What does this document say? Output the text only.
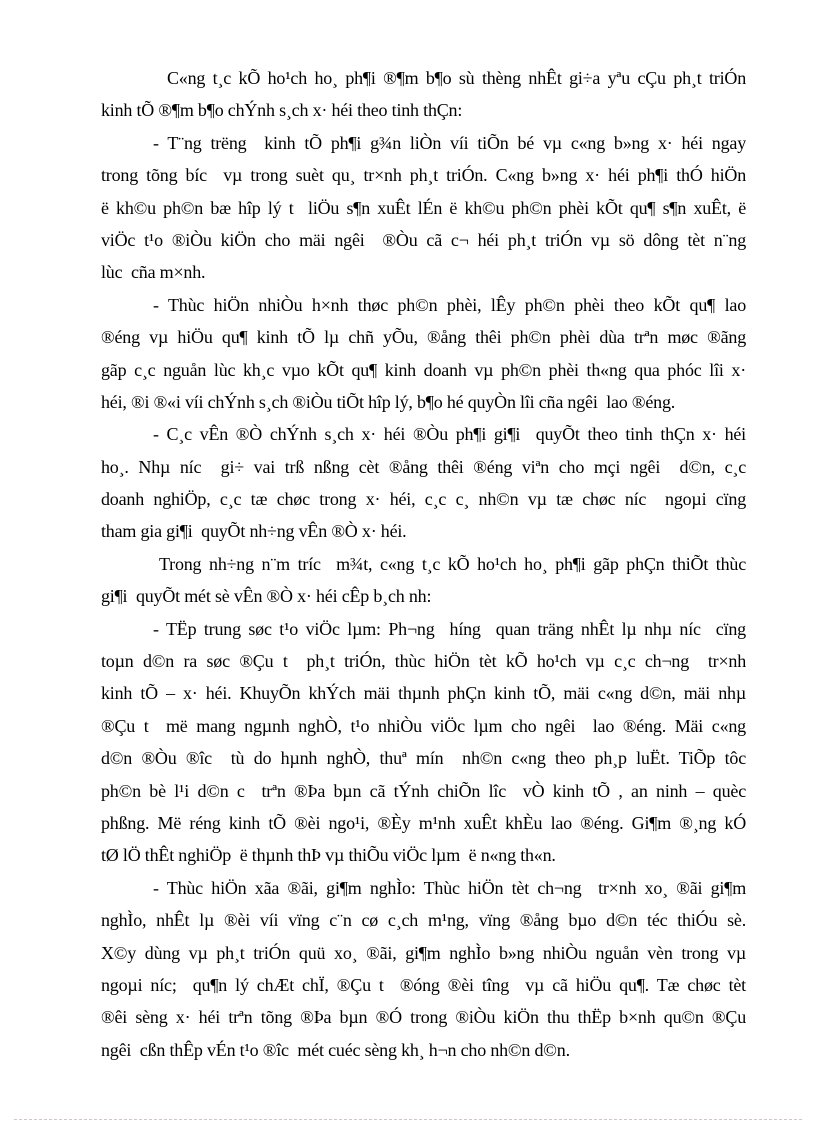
C«ng t¸c kÕ ho¹ch ho¸ ph¶i ®¶m b¶o sù thèng nhÊt gi÷a yªu cÇu ph¸t triÓn
kinh tÕ ®¶m b¶o chÝnh s¸ch x· héi theo tinh thÇn:
- T¨ng trëng  kinh tÕ ph¶i g¾n liÒn víi tiÕn bé vµ c«ng b»ng x· héi ngay
trong tõng bíc  vµ trong suèt qu¸ tr×nh ph¸t triÓn. C«ng b»ng x· héi ph¶i thÓ hiÖn
ë kh©u ph©n bæ hîp lý t  liÖu s¶n xuÊt lÉn ë kh©u ph©n phèi kÕt qu¶ s¶n xuÊt, ë
viÖc t¹o ®iÒu kiÖn cho mäi ngêi  ®Òu cã c¬ héi ph¸t triÓn vµ sö dông tèt n¨ng
lùc  cña m×nh.
- Thùc hiÖn nhiÒu h×nh thøc ph©n phèi, lÊy ph©n phèi theo kÕt qu¶ lao
®éng vµ hiÖu qu¶ kinh tÕ lµ chñ yÕu, ®ång thêi ph©n phèi dùa trªn møc ®ãng
gãp c¸c nguån lùc kh¸c vµo kÕt qu¶ kinh doanh vµ ph©n phèi th«ng qua phóc lîi x·
héi, ®i ®«i víi chÝnh s¸ch ®iÒu tiÕt hîp lý, b¶o hé quyÒn lîi cña ngêi  lao ®éng.
- C¸c vÊn ®Ò chÝnh s¸ch x· héi ®Òu ph¶i gi¶i  quyÕt theo tinh thÇn x· héi
ho¸. Nhµ níc  gi÷ vai trß nßng cèt ®ång thêi ®éng viªn cho mçi ngêi  d©n, c¸c
doanh nghiÖp, c¸c tæ chøc trong x· héi, c¸c c¸ nh©n vµ tæ chøc níc  ngoµi cïng
tham gia gi¶i  quyÕt nh÷ng vÊn ®Ò x· héi.
Trong nh÷ng n¨m tríc  m¾t, c«ng t¸c kÕ ho¹ch ho¸ ph¶i gãp phÇn thiÕt thùc
gi¶i  quyÕt mét sè vÊn ®Ò x· héi cÊp b¸ch nh:
- TËp trung søc t¹o viÖc lµm: Ph¬ng  híng  quan träng nhÊt lµ nhµ níc  cïng
toµn d©n ra søc ®Çu t  ph¸t triÓn, thùc hiÖn tèt kÕ ho¹ch vµ c¸c ch¬ng  tr×nh
kinh tÕ – x· héi. KhuyÕn khÝch mäi thµnh phÇn kinh tÕ, mäi c«ng d©n, mäi nhµ
®Çu t  më mang ngµnh nghÒ, t¹o nhiÒu viÖc lµm cho ngêi  lao ®éng. Mäi c«ng
d©n ®Òu ®îc  tù do hµnh nghÒ, thuª mín  nh©n c«ng theo ph¸p luËt. TiÕp tôc
ph©n bè l¹i d©n c  trªn ®Þa bµn cã tÝnh chiÕn lîc  vÒ kinh tÕ , an ninh – quèc
phßng. Më réng kinh tÕ ®èi ngo¹i, ®Èy m¹nh xuÊt khÈu lao ®éng. Gi¶m ®¸ng kÓ
tØ lÖ thÊt nghiÖp  ë thµnh thÞ vµ thiÕu viÖc lµm  ë n«ng th«n.
- Thùc hiÖn xãa ®ãi, gi¶m nghÌo: Thùc hiÖn tèt ch¬ng  tr×nh xo¸ ®ãi gi¶m
nghÌo, nhÊt lµ ®èi víi vïng c¨n cø c¸ch m¹ng, vïng ®ång bµo d©n téc thiÓu sè.
X©y dùng vµ ph¸t triÓn quü xo¸ ®ãi, gi¶m nghÌo b»ng nhiÒu nguån vèn trong vµ
ngoµi níc;  qu¶n lý chÆt chÏ, ®Çu t  ®óng ®èi tîng  vµ cã hiÖu qu¶. Tæ chøc tèt
®êi sèng x· héi trªn tõng ®Þa bµn ®Ó trong ®iÒu kiÖn thu thËp b×nh qu©n ®Çu
ngêi  cßn thÊp vÉn t¹o ®îc  mét cuéc sèng kh¸ h¬n cho nh©n d©n.
